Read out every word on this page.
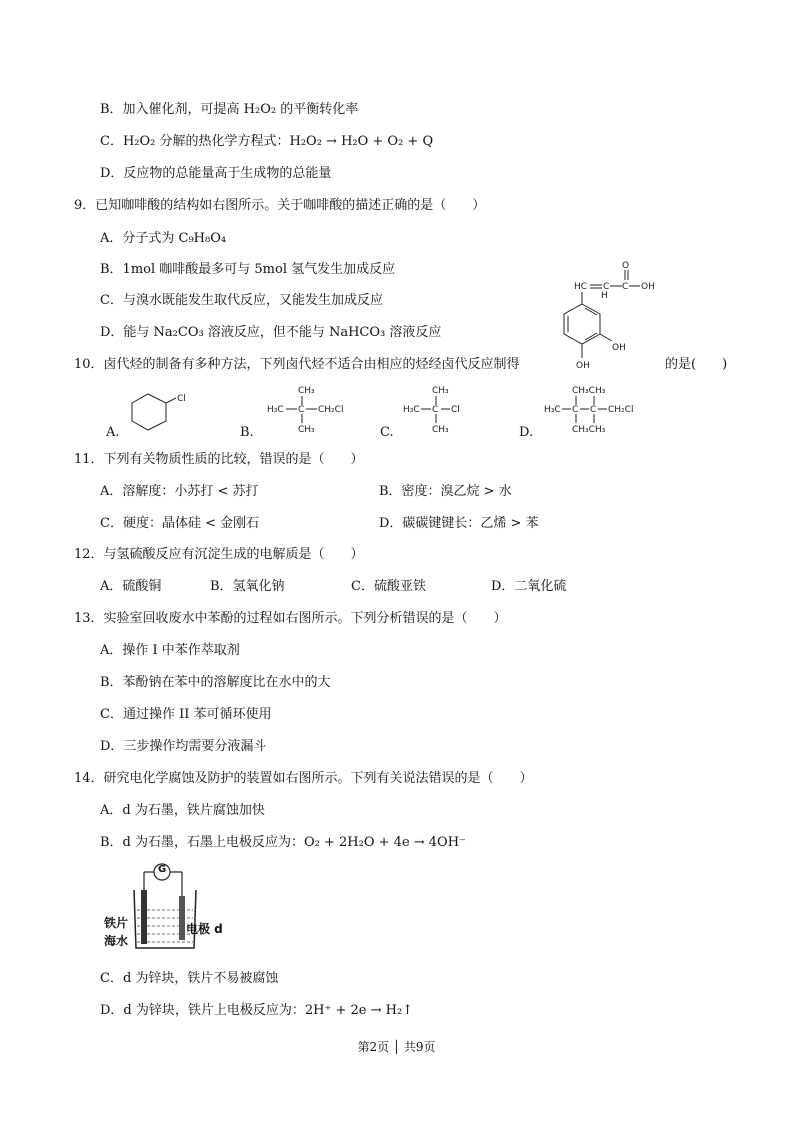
B．加入催化剂，可提高 H₂O₂ 的平衡转化率
C．H₂O₂ 分解的热化学方程式：H₂O₂ → H₂O + O₂ + Q
D．反应物的总能量高于生成物的总能量
9．已知咖啡酸的结构如右图所示。关于咖啡酸的描述正确的是（　　）
A．分子式为 C₉H₈O₄
B．1mol 咖啡酸最多可与 5mol 氢气发生加成反应
C．与溴水既能发生取代反应，又能发生加成反应
D．能与 Na₂CO₃ 溶液反应，但不能与 NaHCO₃ 溶液反应
HC C
H
C
O
OH
OH
OH
10．卤代烃的制备有多种方法，下列卤代烃不适合由相应的烃经卤代反应制得	的是(　　)
A.
Cl
B.
CH₃
H₃C C CH₂Cl
CH₃	C.
CH₃
H₃C C Cl
CH₃	D.
CH₃CH₃
H₃C C C CH₂Cl
CH₃CH₃
11．下列有关物质性质的比较，错误的是（　　）
A．溶解度：小苏打 < 苏打	B．密度：溴乙烷 > 水
C．硬度：晶体硅 < 金刚石	D．碳碳键键长：乙烯 > 苯
12．与氢硫酸反应有沉淀生成的电解质是（　　）
A．硫酸铜	B．氢氧化钠	C．硫酸亚铁	D．二氧化硫
13．实验室回收废水中苯酚的过程如右图所示。下列分析错误的是（　　）
A．操作 I 中苯作萃取剂
B．苯酚钠在苯中的溶解度比在水中的大
C．通过操作 II 苯可循环使用
D．三步操作均需要分液漏斗
14．研究电化学腐蚀及防护的装置如右图所示。下列有关说法错误的是（　　）
A．d 为石墨，铁片腐蚀加快
B．d 为石墨，石墨上电极反应为：O₂ + 2H₂O + 4e → 4OH⁻
G
铁片
海水
电极 d
C．d 为锌块，铁片不易被腐蚀
D．d 为锌块，铁片上电极反应为：2H⁺ + 2e → H₂↑
第2页 │ 共9页
